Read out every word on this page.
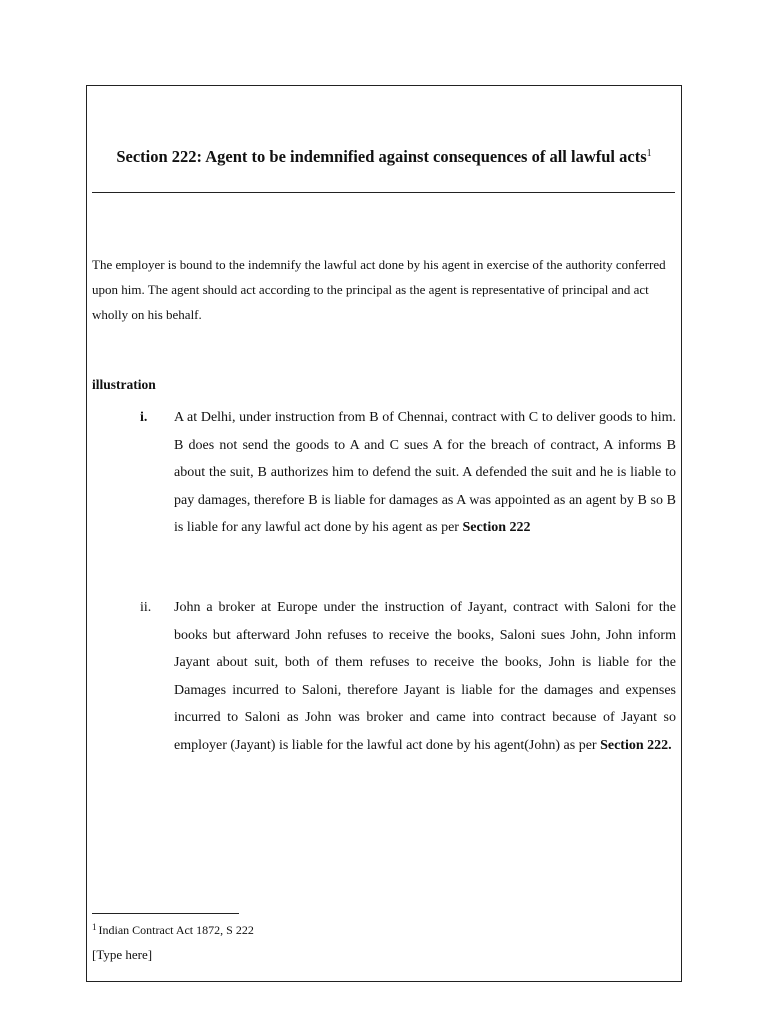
Section 222: Agent to be indemnified against consequences of all lawful acts$^1$
The employer is bound to the indemnify the lawful act done by his agent in exercise of the authority conferred upon him. The agent should act according to the principal as the agent is representative of principal and act wholly on his behalf.
illustration
i. A at Delhi, under instruction from B of Chennai, contract with C to deliver goods to him. B does not send the goods to A and C sues A for the breach of contract, A informs B about the suit, B authorizes him to defend the suit. A defended the suit and he is liable to pay damages, therefore B is liable for damages as A was appointed as an agent by B so B is liable for any lawful act done by his agent as per Section 222
ii. John a broker at Europe under the instruction of Jayant, contract with Saloni for the books but afterward John refuses to receive the books, Saloni sues John, John inform Jayant about suit, both of them refuses to receive the books, John is liable for the Damages incurred to Saloni, therefore Jayant is liable for the damages and expenses incurred to Saloni as John was broker and came into contract because of Jayant so employer (Jayant) is liable for the lawful act done by his agent(John) as per Section 222.
$^1$ Indian Contract Act 1872, S 222
[Type here]
